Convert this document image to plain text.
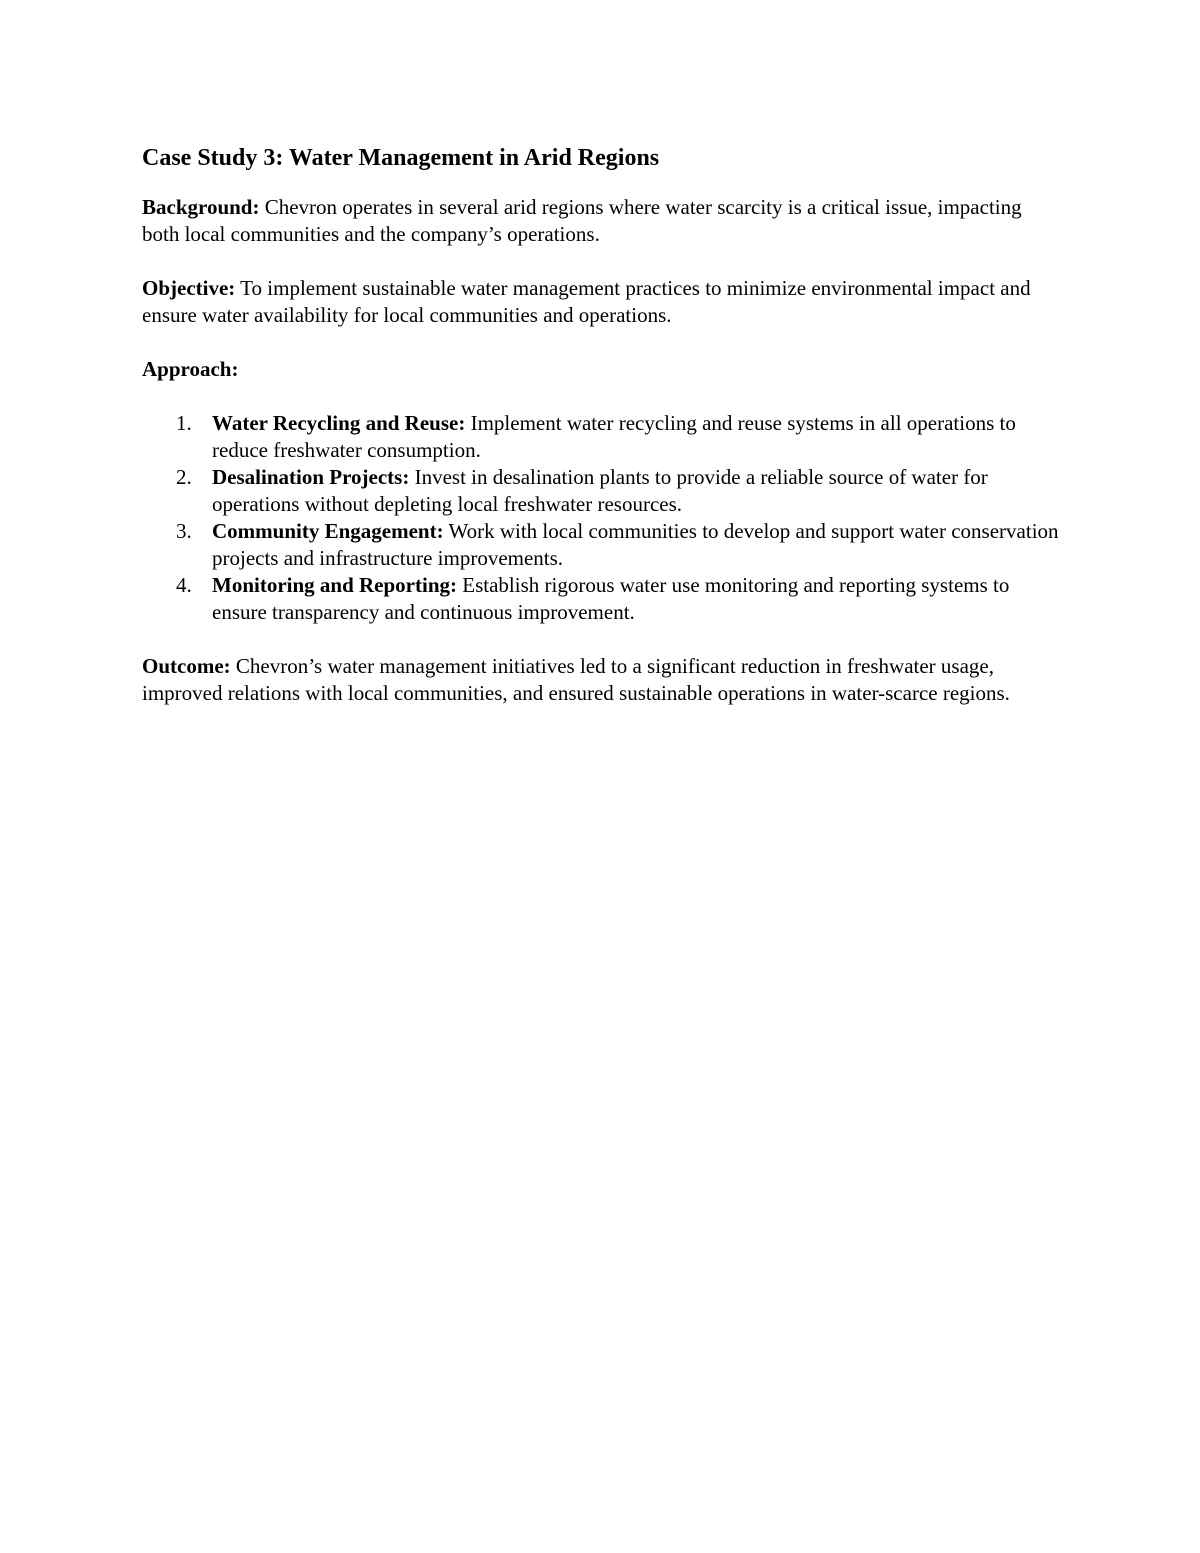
Case Study 3: Water Management in Arid Regions

Background: Chevron operates in several arid regions where water scarcity is a critical issue, impacting both local communities and the company’s operations.

Objective: To implement sustainable water management practices to minimize environmental impact and ensure water availability for local communities and operations.

Approach:
1. Water Recycling and Reuse: Implement water recycling and reuse systems in all operations to reduce freshwater consumption.
2. Desalination Projects: Invest in desalination plants to provide a reliable source of water for operations without depleting local freshwater resources.
3. Community Engagement: Work with local communities to develop and support water conservation projects and infrastructure improvements.
4. Monitoring and Reporting: Establish rigorous water use monitoring and reporting systems to ensure transparency and continuous improvement.

Outcome: Chevron’s water management initiatives led to a significant reduction in freshwater usage, improved relations with local communities, and ensured sustainable operations in water-scarce regions.
